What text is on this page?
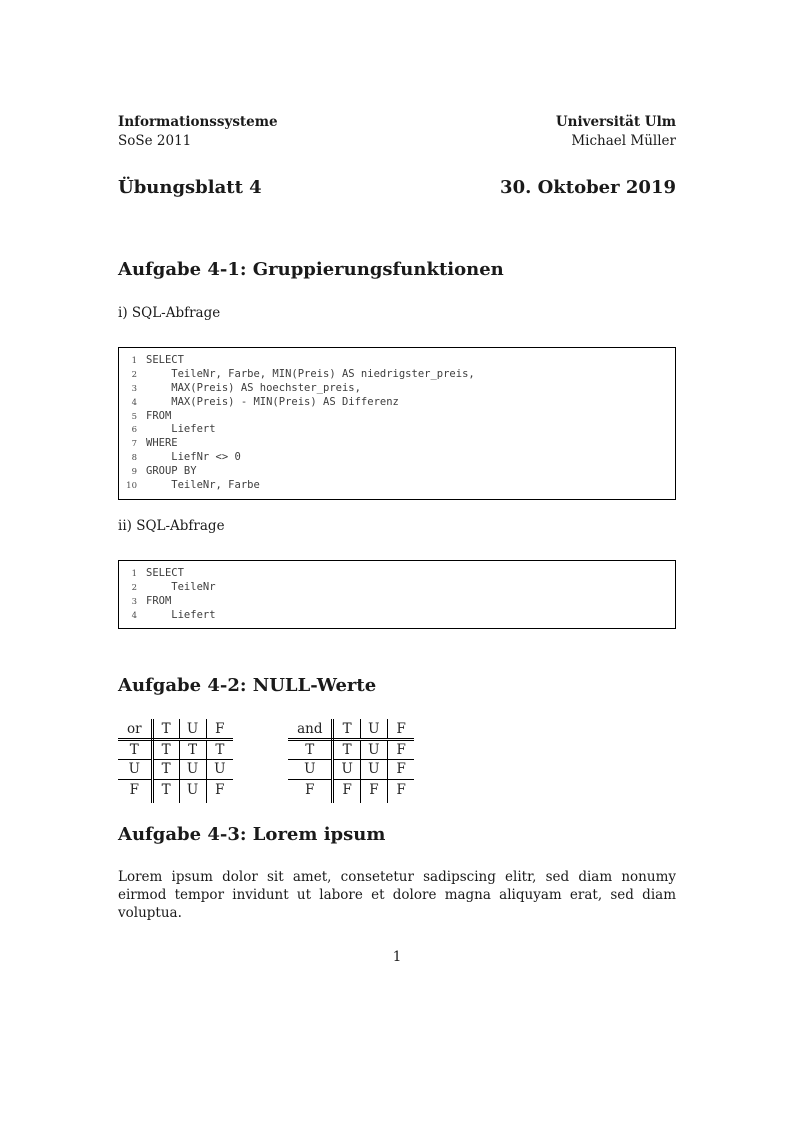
Informationssysteme
SoSe 2011
Universität Ulm
Michael Müller
Übungsblatt 4	30. Oktober 2019
Aufgabe 4-1: Gruppierungsfunktionen
i) SQL-Abfrage
1 SELECT
2 TeileNr, Farbe, MIN(Preis) AS niedrigster_preis,
3 MAX(Preis) AS hoechster_preis,
4 MAX(Preis) - MIN(Preis) AS Differenz
5 FROM
6 Liefert
7 WHERE
8 LiefNr <> 0
9 GROUP BY
10 TeileNr, Farbe
ii) SQL-Abfrage
1 SELECT
2 TeileNr
3 FROM
4 Liefert
Aufgabe 4-2: NULL-Werte
or	T	U	F
T	T	T	T
U	T	U	U
F	T	U	F
and	T	U	F
T	T	U	F
U	U	U	F
F	F	F	F
Aufgabe 4-3: Lorem ipsum

Lorem ipsum dolor sit amet, consetetur sadipscing elitr, sed diam nonumy eirmod tempor invidunt ut labore et dolore magna aliquyam erat, sed diam voluptua.

1
